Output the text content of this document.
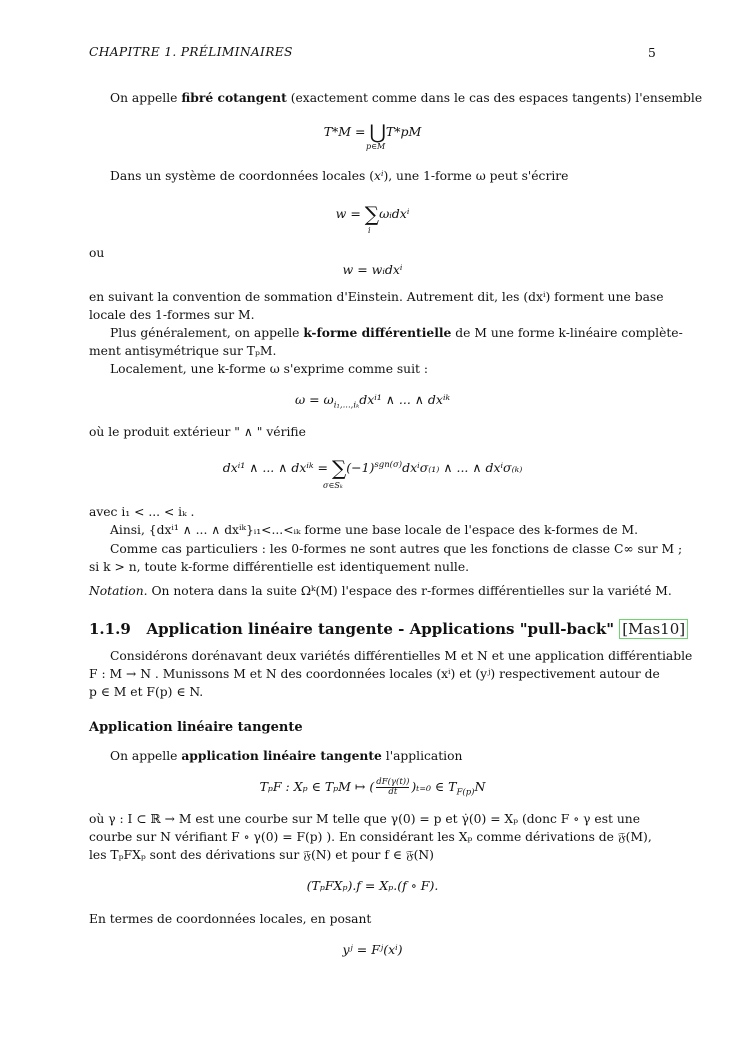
CHAPITRE 1. PRÉLIMINAIRES	5
On appelle fibré cotangent (exactement comme dans le cas des espaces tangents) l'ensemble
T*M = ⋃T*pM
p∈M
Dans un système de coordonnées locales (xⁱ), une 1-forme ω peut s'écrire
w = ∑ωᵢdxⁱ
i
ou
w = wᵢdxⁱ
en suivant la convention de sommation d'Einstein. Autrement dit, les (dxⁱ) forment une base
locale des 1-formes sur M.
Plus généralement, on appelle k-forme différentielle de M une forme k-linéaire complète-
ment antisymétrique sur TₚM.
Localement, une k-forme ω s'exprime comme suit :
$\omega = \omega_{i_1,...,i_k}dx^{i1}$ ∧ ... ∧ dxⁱᵏ
où le produit extérieur " ∧ " vérifie
dxⁱ¹ ∧ ... ∧ dxⁱᵏ = $\sum(-1)^{sgn(\sigma)}dx^i\sigma_{(1)}$ ∧ ... ∧ dxⁱσ₍ₖ₎
σ∈Sₖ
avec i₁ < ... < iₖ .
Ainsi, {dxⁱ¹ ∧ ... ∧ dxⁱᵏ}ᵢ₁<...<ᵢₖ forme une base locale de l'espace des k-formes de M.
Comme cas particuliers : les 0-formes ne sont autres que les fonctions de classe C∞ sur M ;
si k > n, toute k-forme différentielle est identiquement nulle.
Notation. On notera dans la suite Ωᵏ(M) l'espace des r-formes différentielles sur la variété M.
1.1.9 Application linéaire tangente - Applications "pull-back" [Mas10]
Considérons dorénavant deux variétés différentielles M et N et une application différentiable
F : M → N . Munissons M et N des coordonnées locales (xⁱ) et (yʲ) respectivement autour de
p ∈ M et F(p) ∈ N.
Application linéaire tangente
On appelle application linéaire tangente l'application
TₚF : Xₚ ∈ TₚM ↦ ( $\frac{dF(\gamma(t))}{dt} )_{t=0}$ ∈ $T_{F(p)}N$
où γ : I ⊂ ℝ → M est une courbe sur M telle que γ(0) = p et γ̇(0) = Xₚ (donc F ∘ γ est une
courbe sur N vérifiant F ∘ γ(0) = F(p) ). En considérant les Xₚ comme dérivations de 𝔉(M),
les TₚFXₚ sont des dérivations sur 𝔉(N) et pour f ∈ 𝔉(N)
(TₚFXₚ).f = Xₚ.(f ∘ F).
En termes de coordonnées locales, en posant
yʲ = Fʲ(xⁱ)
